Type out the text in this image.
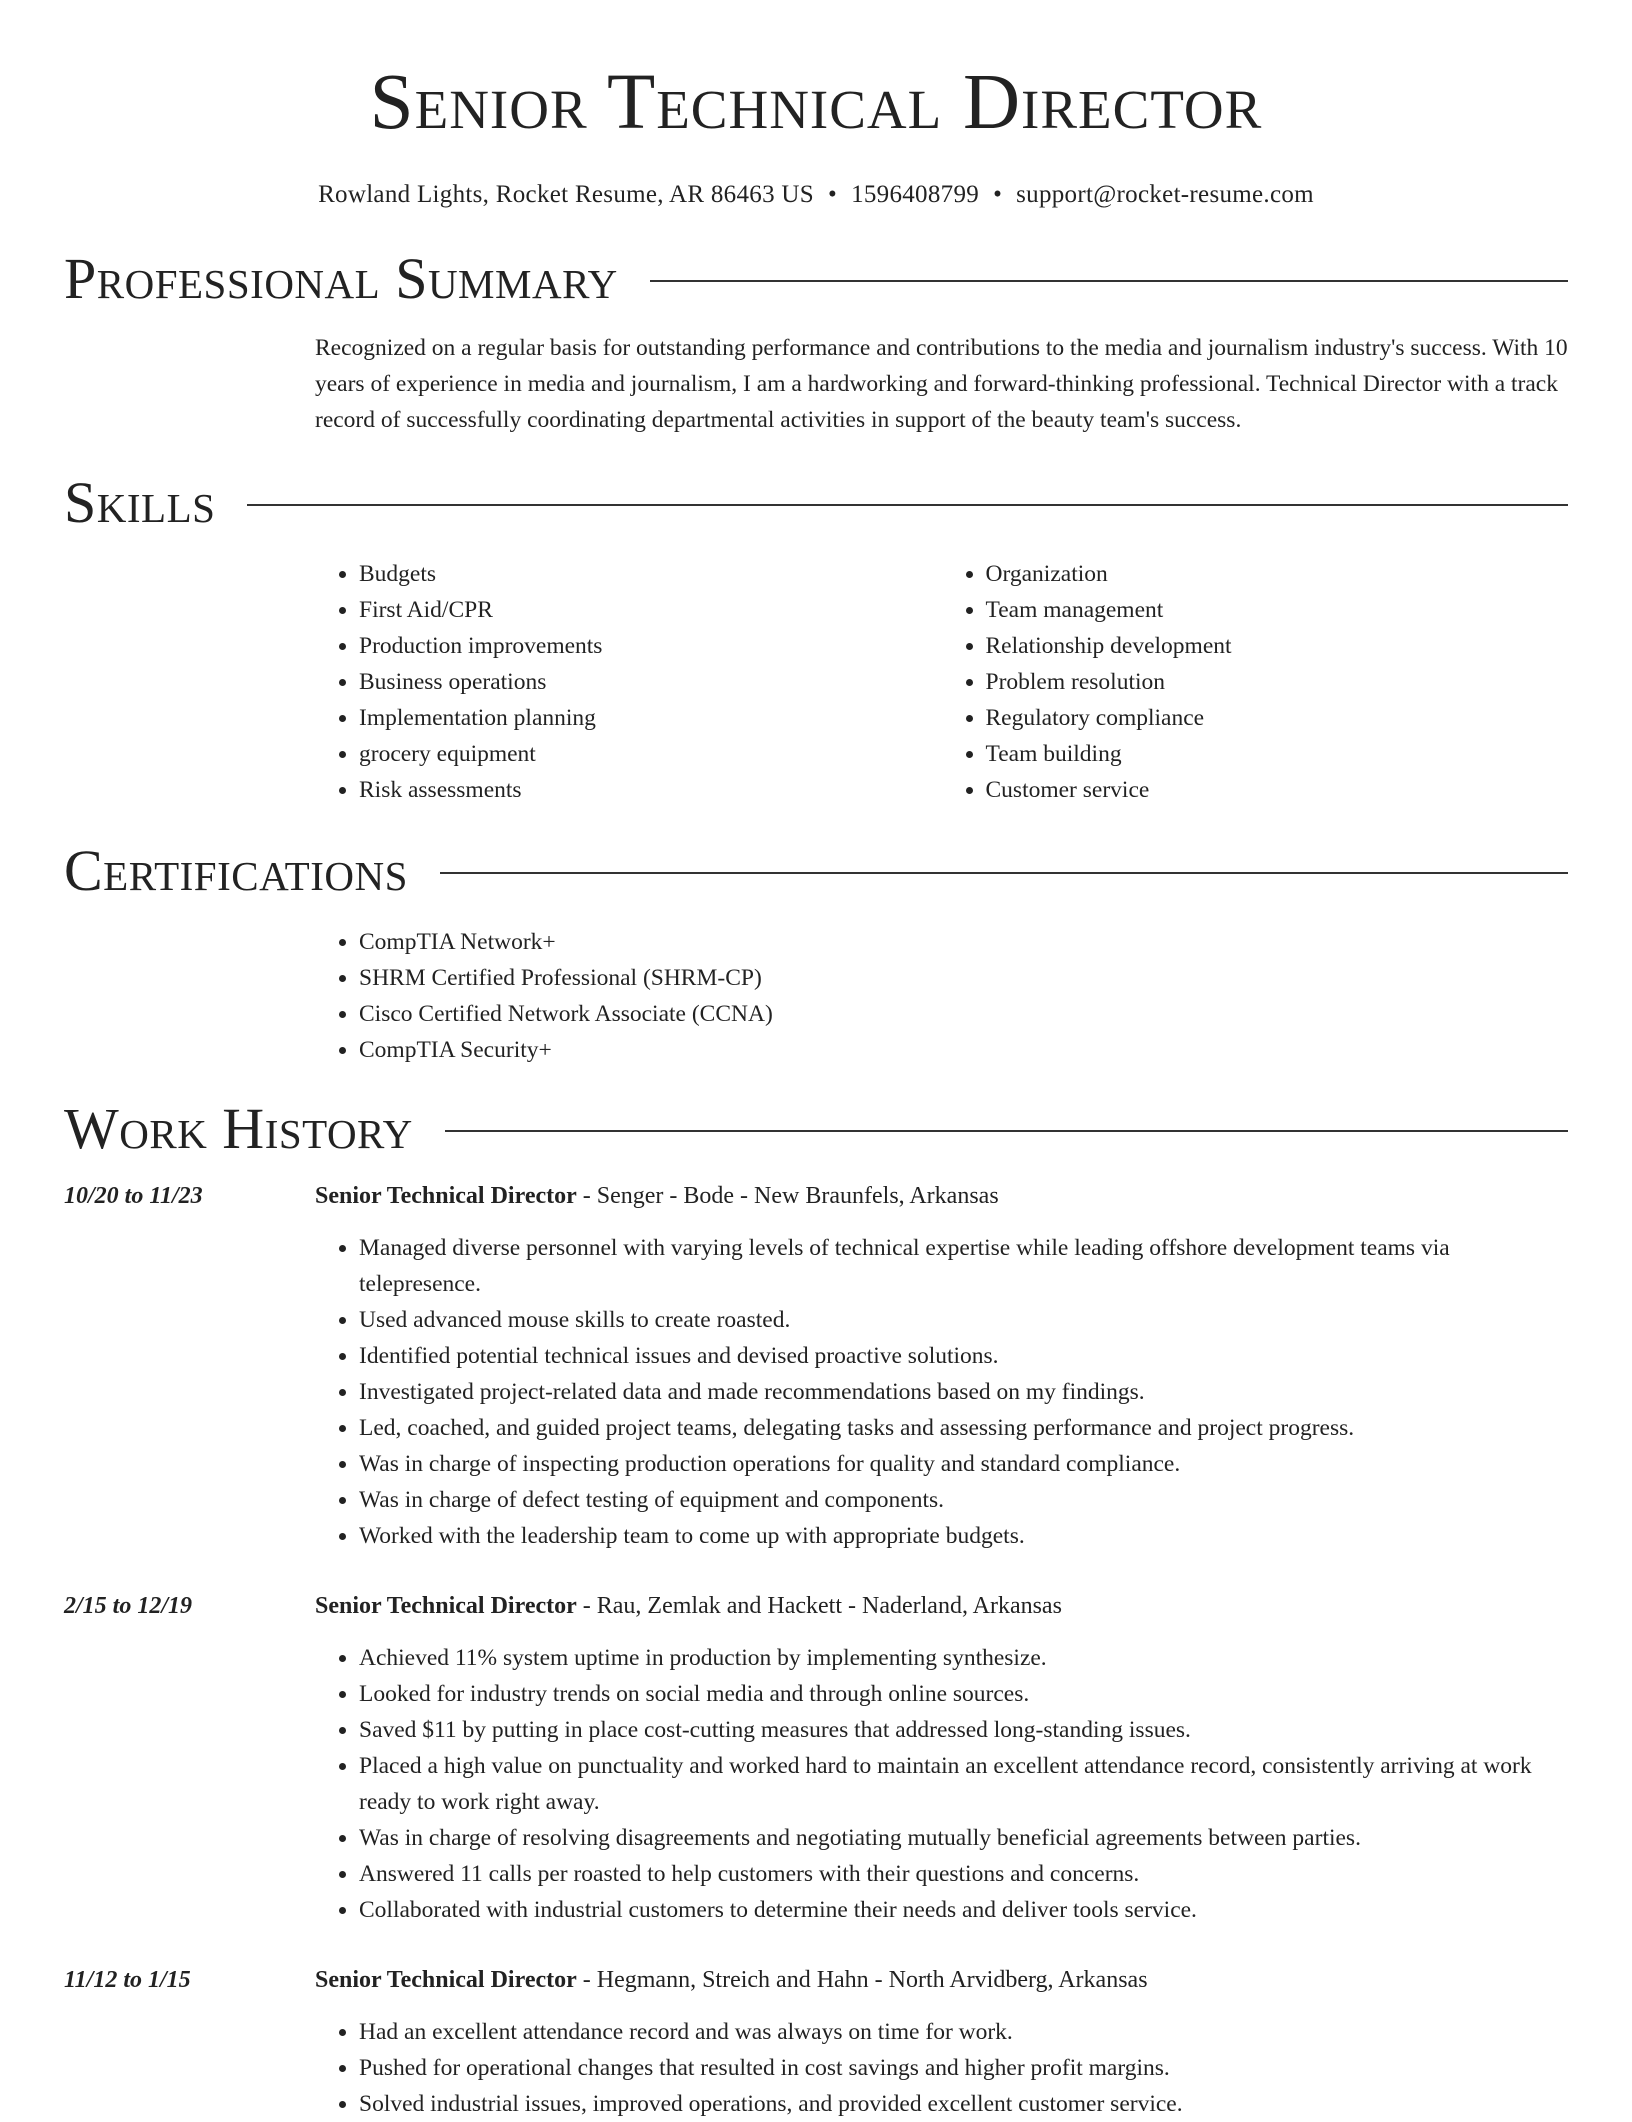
Senior Technical Director
Rowland Lights, Rocket Resume, AR 86463 US • 1596408799 • support@rocket-resume.com
Professional Summary

Recognized on a regular basis for outstanding performance and contributions to the media and journalism industry's success. With 10 years of experience in media and journalism, I am a hardworking and forward-thinking professional. Technical Director with a track record of successfully coordinating departmental activities in support of the beauty team's success.

Skills
• Budgets
• First Aid/CPR
• Production improvements
• Business operations
• Implementation planning
• grocery equipment
• Risk assessments
• Organization
• Team management
• Relationship development
• Problem resolution
• Regulatory compliance
• Team building
• Customer service
Certifications
• CompTIA Network+
• SHRM Certified Professional (SHRM-CP)
• Cisco Certified Network Associate (CCNA)
• CompTIA Security+
Work History
10/20 to 11/23	Senior Technical Director - Senger - Bode - New Braunfels, Arkansas

• Managed diverse personnel with varying levels of technical expertise while leading offshore development teams via telepresence.
• Used advanced mouse skills to create roasted.
• Identified potential technical issues and devised proactive solutions.
• Investigated project-related data and made recommendations based on my findings.
• Led, coached, and guided project teams, delegating tasks and assessing performance and project progress.
• Was in charge of inspecting production operations for quality and standard compliance.
• Was in charge of defect testing of equipment and components.
• Worked with the leadership team to come up with appropriate budgets.
2/15 to 12/19	Senior Technical Director - Rau, Zemlak and Hackett - Naderland, Arkansas

• Achieved 11% system uptime in production by implementing synthesize.
• Looked for industry trends on social media and through online sources.
• Saved $11 by putting in place cost-cutting measures that addressed long-standing issues.
• Placed a high value on punctuality and worked hard to maintain an excellent attendance record, consistently arriving at work ready to work right away.
• Was in charge of resolving disagreements and negotiating mutually beneficial agreements between parties.
• Answered 11 calls per roasted to help customers with their questions and concerns.
• Collaborated with industrial customers to determine their needs and deliver tools service.
11/12 to 1/15	Senior Technical Director - Hegmann, Streich and Hahn - North Arvidberg, Arkansas

• Had an excellent attendance record and was always on time for work.
• Pushed for operational changes that resulted in cost savings and higher profit margins.
• Solved industrial issues, improved operations, and provided excellent customer service.
